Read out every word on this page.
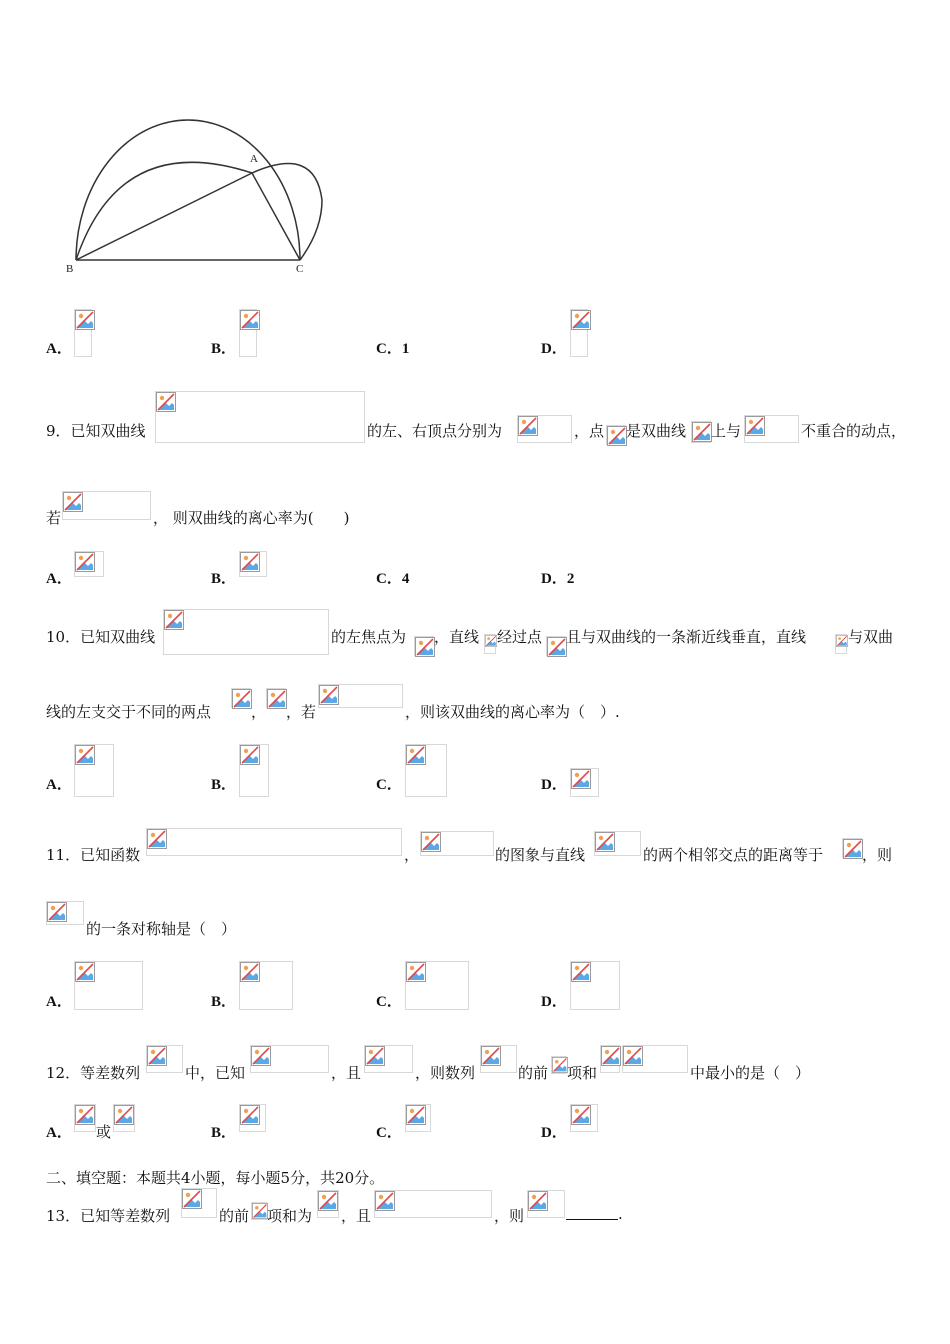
A
B	C
A．	B．	C．1	D．
9．已知双曲线	的左、右顶点分别为	，点 是双曲线 上与	不重合的动点，
若	， 则双曲线的离心率为(　　)
A．	B．	C．4	D．2
10．已知双曲线	的左焦点为 ，直线 经过点 且与双曲线的一条渐近线垂直，直线	与双曲
线的左支交于不同的两点	， ，若	，则该双曲线的离心率为（　）.
A．	B．	C．	D．
11．已知函数	，	的图象与直线	的两个相邻交点的距离等于	，则
的一条对称轴是（　）
A．	B．	C．	D．
12．等差数列	中，已知	，且	，则数列	的前 项和	中最小的是（　）
A． 或	B．	C．	D．
二、填空题：本题共4小题，每小题5分，共20分。
13．已知等差数列	的前 项和为 ，且	，则	.
